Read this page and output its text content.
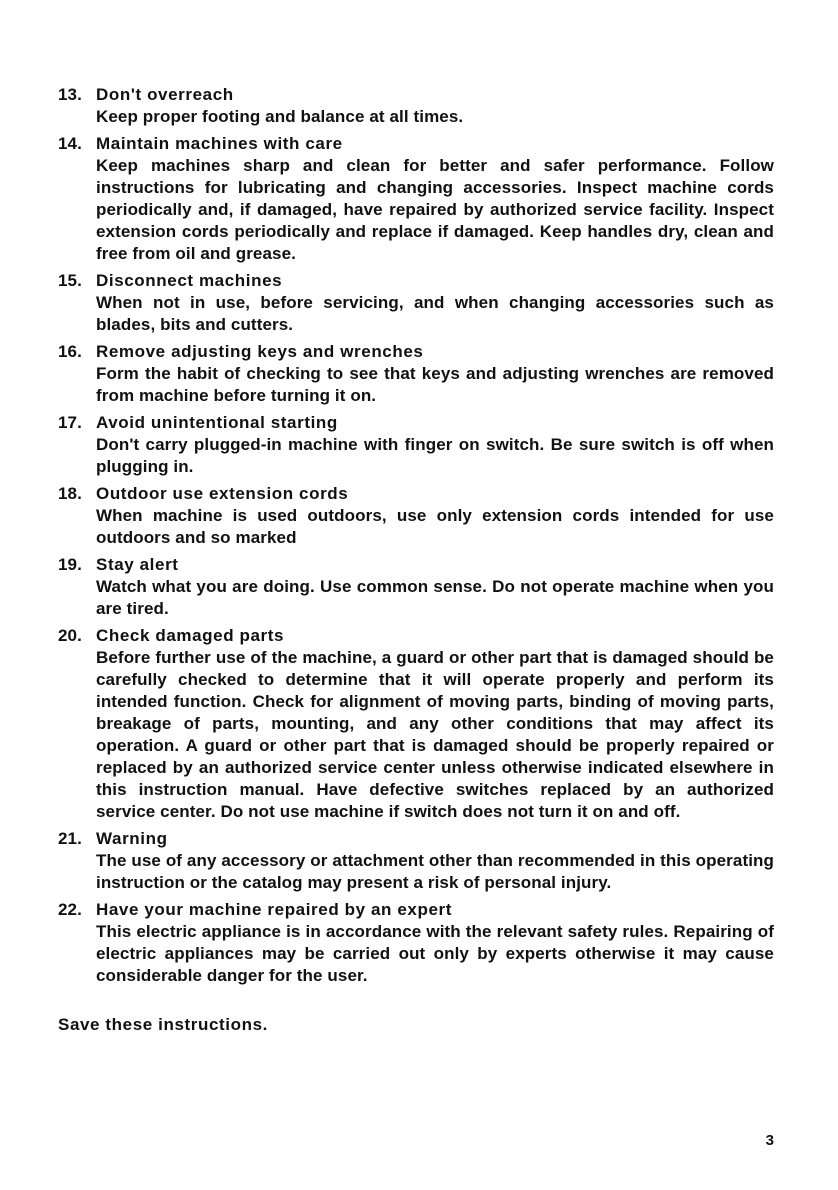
13. Don't overreach
Keep proper footing and balance at all times.
14. Maintain machines with care
Keep machines sharp and clean for better and safer performance. Follow instructions for lubricating and changing accessories. Inspect machine cords periodically and, if damaged, have repaired by authorized service facility. Inspect extension cords periodically and replace if damaged. Keep handles dry, clean and free from oil and grease.
15. Disconnect machines
When not in use, before servicing, and when changing accessories such as blades, bits and cutters.
16. Remove adjusting keys and wrenches
Form the habit of checking to see that keys and adjusting wrenches are removed from machine before turning it on.
17. Avoid unintentional starting
Don't carry plugged-in machine with finger on switch. Be sure switch is off when plugging in.
18. Outdoor use extension cords
When machine is used outdoors, use only extension cords intended for use outdoors and so marked
19. Stay alert
Watch what you are doing. Use common sense. Do not operate machine when you are tired.
20. Check damaged parts
Before further use of the machine, a guard or other part that is damaged should be carefully checked to determine that it will operate properly and perform its intended function. Check for alignment of moving parts, binding of moving parts, breakage of parts, mounting, and any other conditions that may affect its operation. A guard or other part that is damaged should be properly repaired or replaced by an authorized service center unless otherwise indicated elsewhere in this instruction manual. Have defective switches replaced by an authorized service center. Do not use machine if switch does not turn it on and off.
21. Warning
The use of any accessory or attachment other than recommended in this operating instruction or the catalog may present a risk of personal injury.
22. Have your machine repaired by an expert
This electric appliance is in accordance with the relevant safety rules. Repairing of electric appliances may be carried out only by experts otherwise it may cause considerable danger for the user.
Save these instructions.
3
